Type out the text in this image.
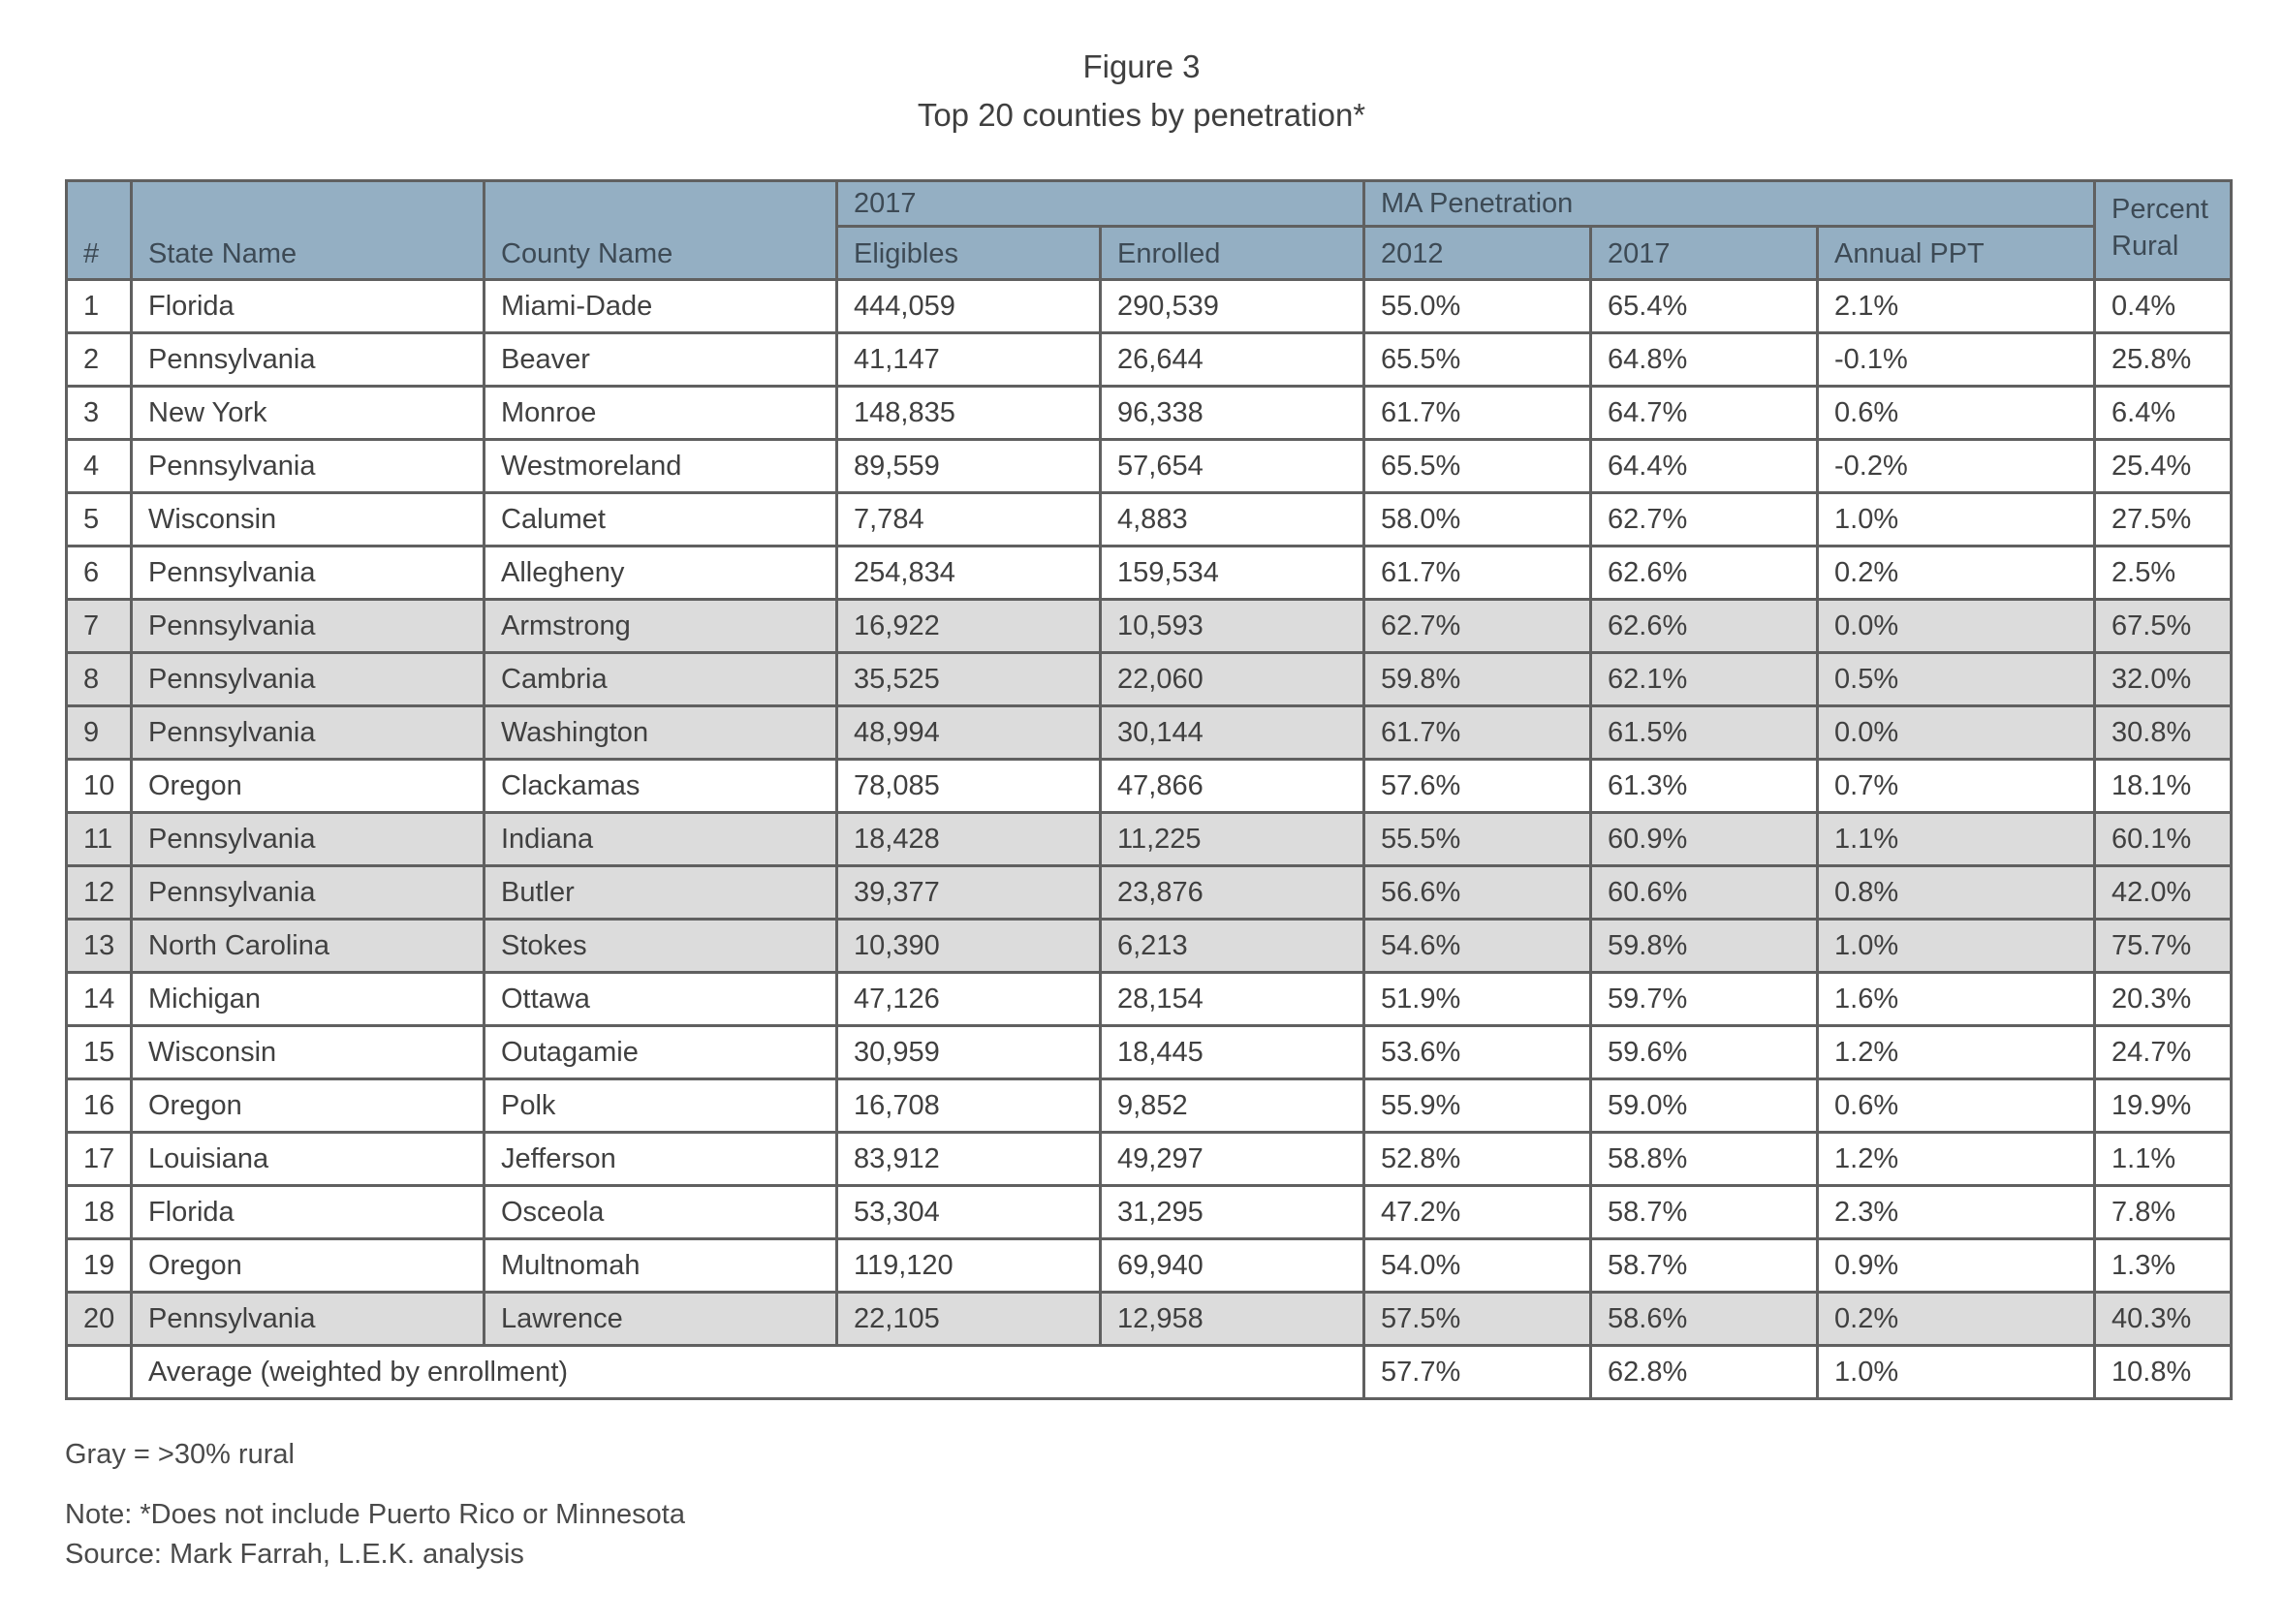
Figure 3
Top 20 counties by penetration*
#	State Name	County Name	2017		MA Penetration			Percent Rural
			Eligibles	Enrolled	2012	2017	Annual PPT	
1	Florida	Miami-Dade	444,059	290,539	55.0%	65.4%	2.1%	0.4%
2	Pennsylvania	Beaver	41,147	26,644	65.5%	64.8%	-0.1%	25.8%
3	New York	Monroe	148,835	96,338	61.7%	64.7%	0.6%	6.4%
4	Pennsylvania	Westmoreland	89,559	57,654	65.5%	64.4%	-0.2%	25.4%
5	Wisconsin	Calumet	7,784	4,883	58.0%	62.7%	1.0%	27.5%
6	Pennsylvania	Allegheny	254,834	159,534	61.7%	62.6%	0.2%	2.5%
7	Pennsylvania	Armstrong	16,922	10,593	62.7%	62.6%	0.0%	67.5%
8	Pennsylvania	Cambria	35,525	22,060	59.8%	62.1%	0.5%	32.0%
9	Pennsylvania	Washington	48,994	30,144	61.7%	61.5%	0.0%	30.8%
10	Oregon	Clackamas	78,085	47,866	57.6%	61.3%	0.7%	18.1%
11	Pennsylvania	Indiana	18,428	11,225	55.5%	60.9%	1.1%	60.1%
12	Pennsylvania	Butler	39,377	23,876	56.6%	60.6%	0.8%	42.0%
13	North Carolina	Stokes	10,390	6,213	54.6%	59.8%	1.0%	75.7%
14	Michigan	Ottawa	47,126	28,154	51.9%	59.7%	1.6%	20.3%
15	Wisconsin	Outagamie	30,959	18,445	53.6%	59.6%	1.2%	24.7%
16	Oregon	Polk	16,708	9,852	55.9%	59.0%	0.6%	19.9%
17	Louisiana	Jefferson	83,912	49,297	52.8%	58.8%	1.2%	1.1%
18	Florida	Osceola	53,304	31,295	47.2%	58.7%	2.3%	7.8%
19	Oregon	Multnomah	119,120	69,940	54.0%	58.7%	0.9%	1.3%
20	Pennsylvania	Lawrence	22,105	12,958	57.5%	58.6%	0.2%	40.3%
	Average (weighted by enrollment)				57.7%	62.8%	1.0%	10.8%
Gray = >30% rural
Note: *Does not include Puerto Rico or Minnesota
Source: Mark Farrah, L.E.K. analysis
